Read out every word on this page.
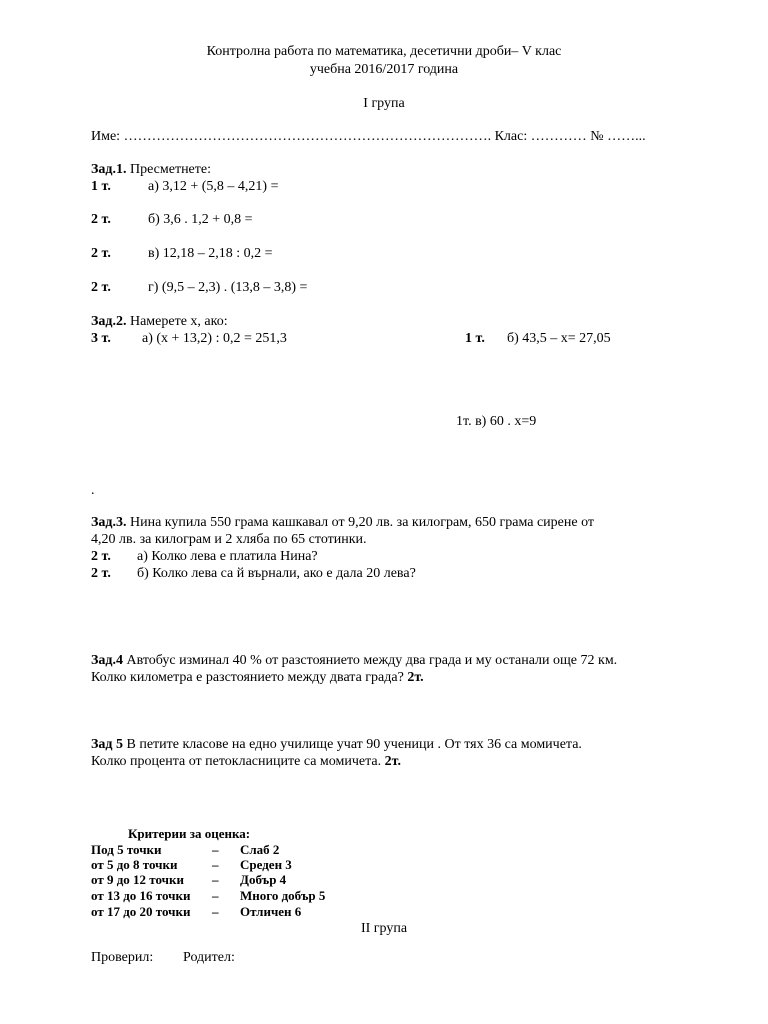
Контролна работа по математика, десетични дроби– V клас
учебна 2016/2017 година
I група
Име: ……………………………………………………………………. Клас: ………… № ……...
Зад.1. Пресметнете:
1 т.	а) 3,12 + (5,8 – 4,21) =
2 т.	б) 3,6 . 1,2 + 0,8 =
2 т.	в) 12,18 – 2,18 : 0,2 =
2 т.	г) (9,5 – 2,3) . (13,8 – 3,8) =
Зад.2. Намерете х, ако:
3 т. а) (х + 13,2) : 0,2 = 251,3	1 т. б) 43,5 – х= 27,05
1т. в) 60 . х=9
.
Зад.3. Нина купила 550 грама кашкавал от 9,20 лв. за килограм, 650 грама сирене от
4,20 лв. за килограм и 2 хляба по 65 стотинки.
2 т. а) Колко лева е платила Нина?
2 т. б) Колко лева са й върнали, ако е дала 20 лева?
Зад.4 Автобус изминал 40 % от разстоянието между два града и му останали още 72 км.
Колко километра е разстоянието между двата града? 2т.
Зад 5 В петите класове на едно училище учат 90 ученици . От тях 36 са момичета.
Колко процента от петокласниците са момичета. 2т.
Критерии за оценка:
Под 5 точки	– Слаб 2
от 5 до 8 точки	– Среден 3
от 9 до 12 точки – Добър 4
от 13 до 16 точки – Много добър 5
от 17 до 20 точки – Отличен 6
II група
Проверил: Родител:
